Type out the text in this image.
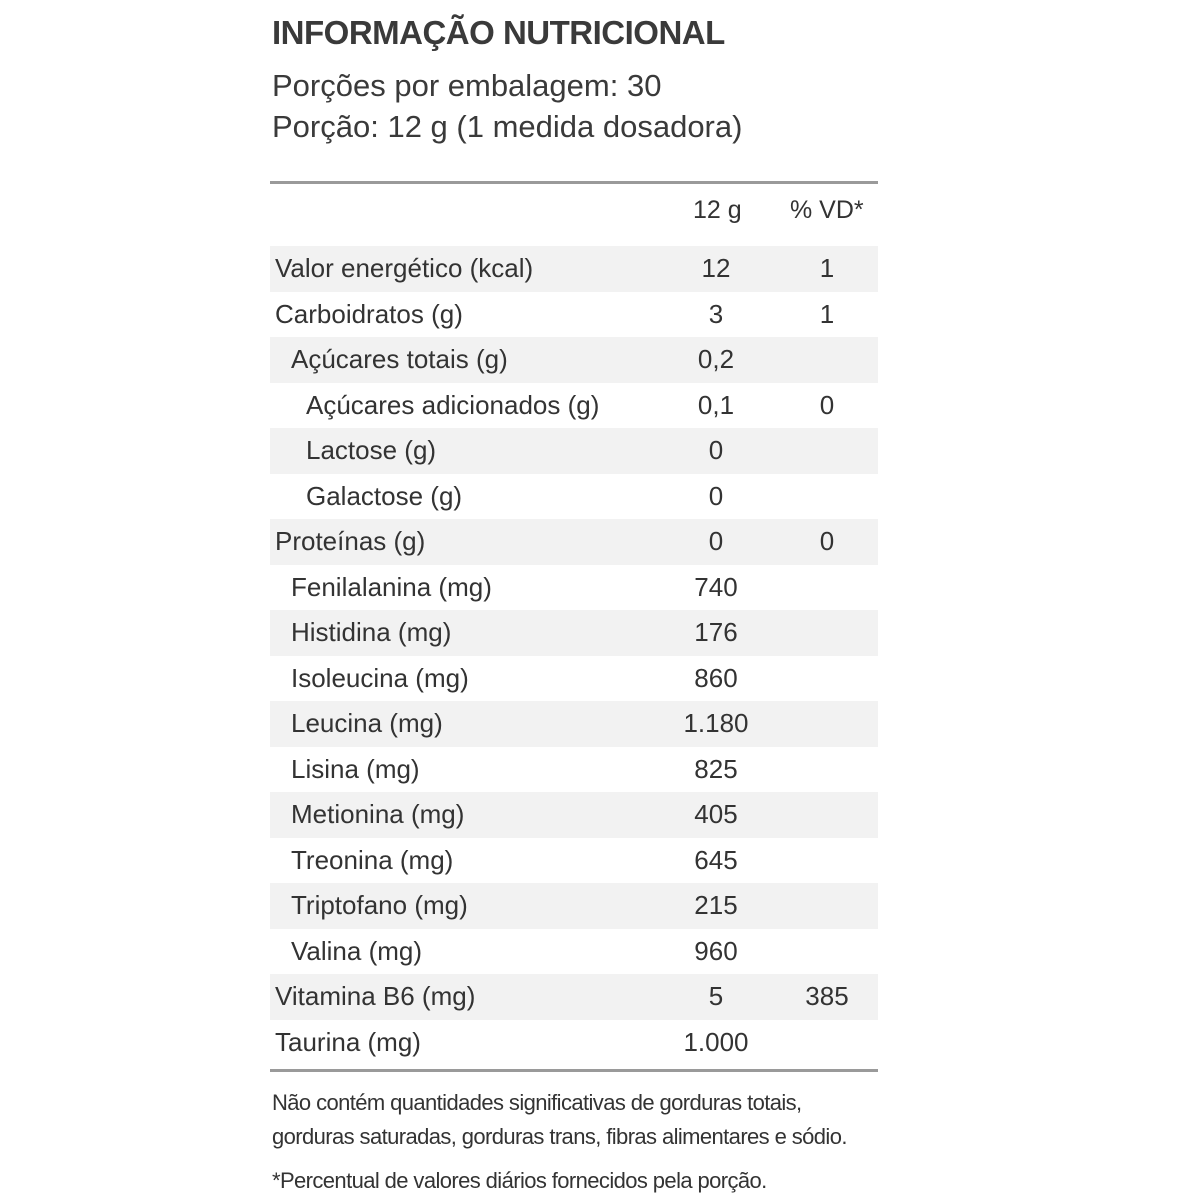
INFORMAÇÃO NUTRICIONAL
Porções por embalagem: 30
Porção: 12 g (1 medida dosadora)
12 g % VD*
Valor energético (kcal)	12	1
Carboidratos (g)	3	1
Açúcares totais (g)	0,2
Açúcares adicionados (g)	0,1	0
Lactose (g)	0
Galactose (g)	0
Proteínas (g)	0	0
Fenilalanina (mg)	740
Histidina (mg)	176
Isoleucina (mg)	860
Leucina (mg)	1.180
Lisina (mg)	825
Metionina (mg)	405
Treonina (mg)	645
Triptofano (mg)	215
Valina (mg)	960
Vitamina B6 (mg)	5	385
Taurina (mg)	1.000
Não contém quantidades significativas de gorduras totais,
gorduras saturadas, gorduras trans, fibras alimentares e sódio.
*Percentual de valores diários fornecidos pela porção.
